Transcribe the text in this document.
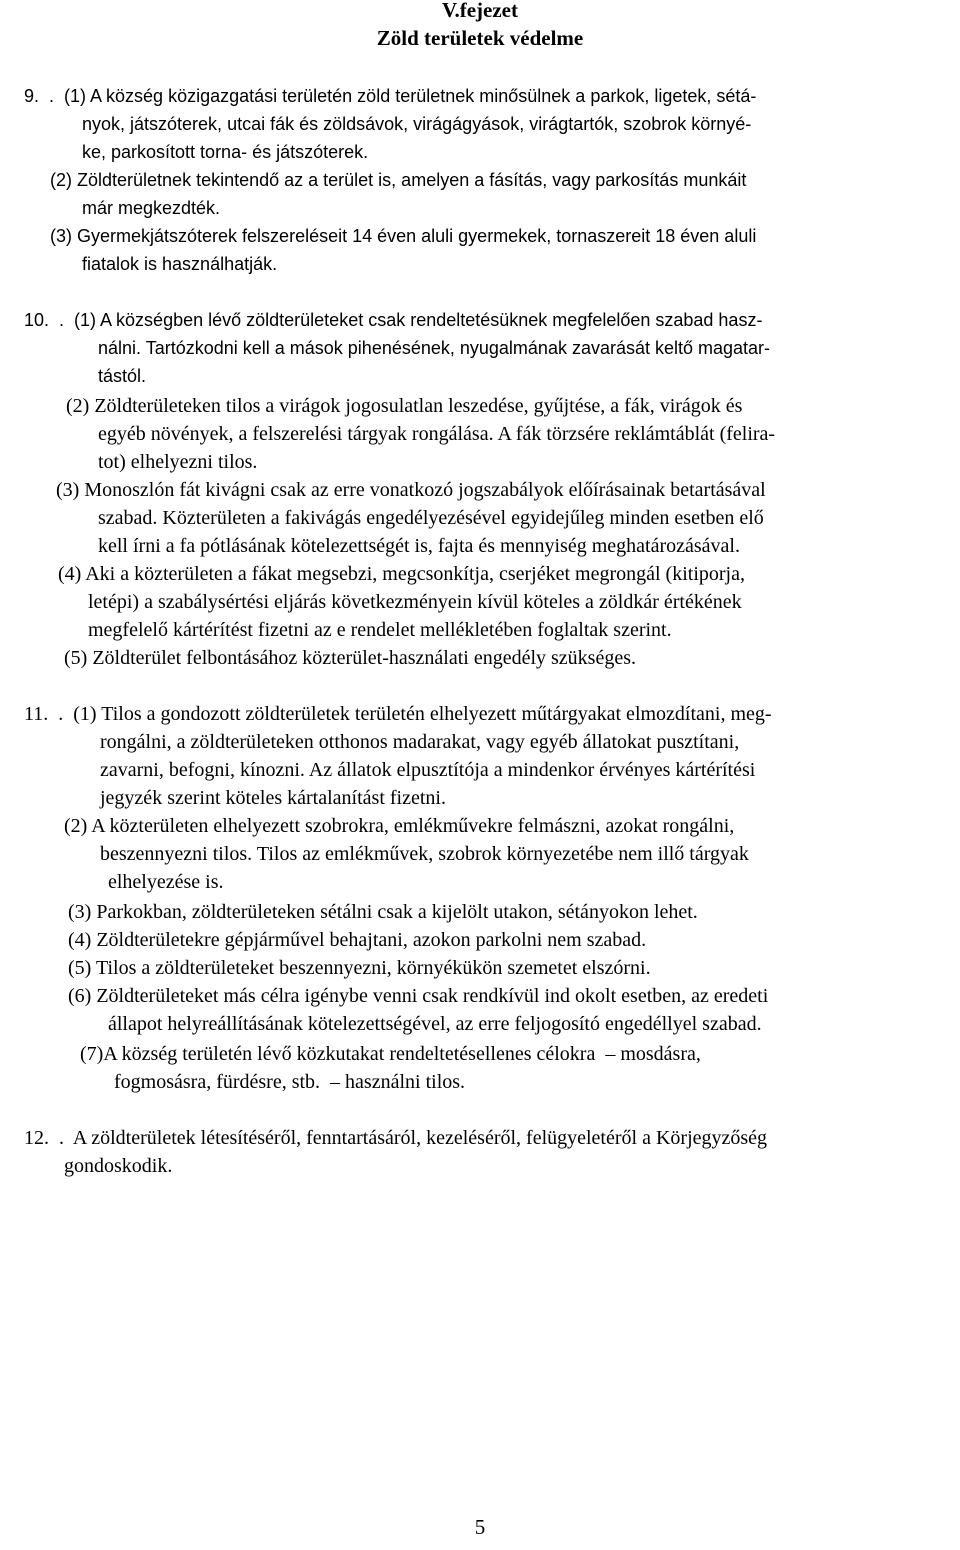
V.fejezet
Zöld területek védelme
9.  .  (1) A község közigazgatási területén zöld területnek minősülnek a parkok, ligetek, sétá-
nyok, játszóterek, utcai fák és zöldsávok, virágágyások, virágtartók, szobrok környé-
ke, parkosított torna- és játszóterek.
(2) Zöldterületnek tekintendő az a terület is, amelyen a fásítás, vagy parkosítás munkáit
már megkezdték.
(3) Gyermekjátszóterek felszereléseit 14 éven aluli gyermekek, tornaszereit 18 éven aluli
fiatalok is használhatják.
10.  .  (1) A községben lévő zöldterületeket csak rendeltetésüknek megfelelően szabad hasz-
nálni. Tartózkodni kell a mások pihenésének, nyugalmának zavarását keltő magatar-
tástól.
(2) Zöldterületeken tilos a virágok jogosulatlan leszedése, gyűjtése, a fák, virágok és
egyéb növények, a felszerelési tárgyak rongálása. A fák törzsére reklámtáblát (felira-
tot) elhelyezni tilos.
(3) Monoszlón fát kivágni csak az erre vonatkozó jogszabályok előírásainak betartásával
szabad. Közterületen a fakivágás engedélyezésével egyidejűleg minden esetben elő
kell írni a fa pótlásának kötelezettségét is, fajta és mennyiség meghatározásával.
(4) Aki a közterületen a fákat megsebzi, megcsonkítja, cserjéket megrongál (kitiporja,
letépi) a szabálysértési eljárás következményein kívül köteles a zöldkár értékének
megfelelő kártérítést fizetni az e rendelet mellékletében foglaltak szerint.
(5) Zöldterület felbontásához közterület-használati engedély szükséges.
11.  .  (1) Tilos a gondozott zöldterületek területén elhelyezett műtárgyakat elmozdítani, meg-
rongálni, a zöldterületeken otthonos madarakat, vagy egyéb állatokat pusztítani,
zavarni, befogni, kínozni. Az állatok elpusztítója a mindenkor érvényes kártérítési
jegyzék szerint köteles kártalanítást fizetni.
(2) A közterületen elhelyezett szobrokra, emlékművekre felmászni, azokat rongálni,
beszennyezni tilos. Tilos az emlékművek, szobrok környezetébe nem illő tárgyak
elhelyezése is.
(3) Parkokban, zöldterületeken sétálni csak a kijelölt utakon, sétányokon lehet.
(4) Zöldterületekre gépjárművel behajtani, azokon parkolni nem szabad.
(5) Tilos a zöldterületeket beszennyezni, környékükön szemetet elszórni.
(6) Zöldterületeket más célra igénybe venni csak rendkívül ind okolt esetben, az eredeti
állapot helyreállításának kötelezettségével, az erre feljogosító engedéllyel szabad.
(7)A község területén lévő közkutakat rendeltetésellenes célokra  – mosdásra,
fogmosásra, fürdésre, stb.  – használni tilos.
12.  .  A zöldterületek létesítéséről, fenntartásáról, kezeléséről, felügyeletéről a Körjegyzőség
gondoskodik.
5
